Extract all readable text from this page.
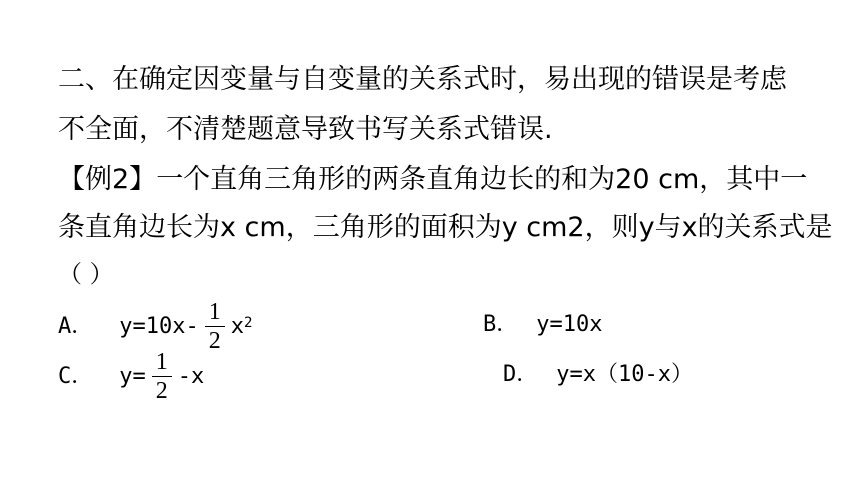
二、在确定因变量与自变量的关系式时，易出现的错误是考虑
不全面，不清楚题意导致书写关系式错误.
【例2】一个直角三角形的两条直角边长的和为20 cm，其中一
条直角边长为x cm，三角形的面积为y cm2，则y与x的关系式是
（ ）
A． $y=10x- \frac{1}{2} x^2$	B． y=10x
C． $y= \frac{1}{2} -x$	D． y=x（10-x）
